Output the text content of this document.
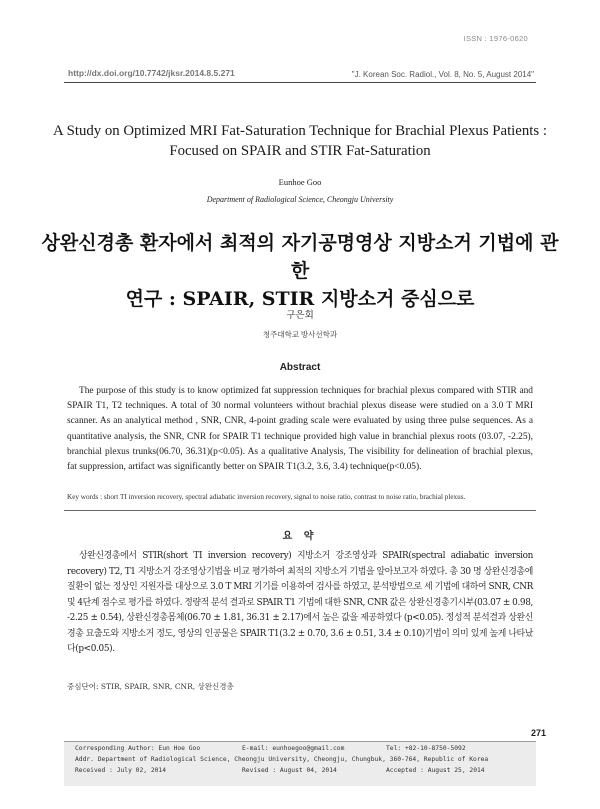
ISSN : 1976-0620
http://dx.doi.org/10.7742/jksr.2014.8.5.271	"J. Korean Soc. Radiol., Vol. 8, No. 5, August 2014"
A Study on Optimized MRI Fat-Saturation Technique for Brachial Plexus Patients : Focused on SPAIR and STIR Fat-Saturation
Eunhoe Goo
Department of Radiological Science, Cheongju University
상완신경총 환자에서 최적의 자기공명영상 지방소거 기법에 관한
연구 : SPAIR, STIR 지방소거 중심으로
구은회
청주대학교 방사선학과
Abstract
The purpose of this study is to know optimized fat suppression techniques for brachial plexus compared with STIR and SPAIR T1, T2 techniques. A total of 30 normal volunteers without brachial plexus disease were studied on a 3.0 T MRI scanner. As an analytical method , SNR, CNR, 4-point grading scale were evaluated by using three pulse sequences. As a quantitative analysis, the SNR, CNR for SPAIR T1 technique provided high value in branchial plexus roots (03.07, -2.25), branchial plexus trunks(06.70, 36.31)(p<0.05). As a qualitative Analysis, The visibility for delineation of brachial plexus, fat suppression, artifact was significantly better on SPAIR T1(3.2, 3.6, 3.4) technique(p<0.05).
Key words : short TI inversion recovery, spectral adiabatic inversion recovery, signal to noise ratio, contrast to noise ratio, brachial plexus.
요 약
상완신경총에서 STIR(short TI inversion recovery) 지방소거 강조영상과 SPAIR(spectral adiabatic inversion recovery) T2, T1 지방소거 강조영상기법을 비교 평가하여 최적의 지방소거 기법을 알아보고자 하였다. 총 30 명 상완신경총에 질환이 없는 정상인 지원자를 대상으로 3.0 T MRI 기기를 이용하여 검사를 하였고, 분석방법으로 세 기법에 대하여 SNR, CNR 및 4단계 점수로 평가를 하였다. 정량적 분석 결과로 SPAIR T1 기법에 대한 SNR, CNR 값은 상완신경총기시부(03.07 ± 0.98, -2.25 ± 0.54), 상완신경총몸체(06.70 ± 1.81, 36.31 ± 2.17)에서 높은 값을 제공하였다 (p<0.05). 정성적 분석결과 상완신경총 묘출도와 지방소거 정도, 영상의 인공물은 SPAIR T1(3.2 ± 0.70, 3.6 ± 0.51, 3.4 ± 0.10)기법이 의미 있게 높게 나타났다(p<0.05).
중심단어: STIR, SPAIR, SNR, CNR, 상완신경총
271
Corresponding Author: Eun Hoe Goo	E-mail: eunhoegoo@gmail.com	Tel: +82-10-8750-5092
Addr. Department of Radiological Science, Cheongju University, Cheongju, Chungbuk, 360-764, Republic of Korea
Received : July 02, 2014	Revised : August 04, 2014	Accepted : August 25, 2014
